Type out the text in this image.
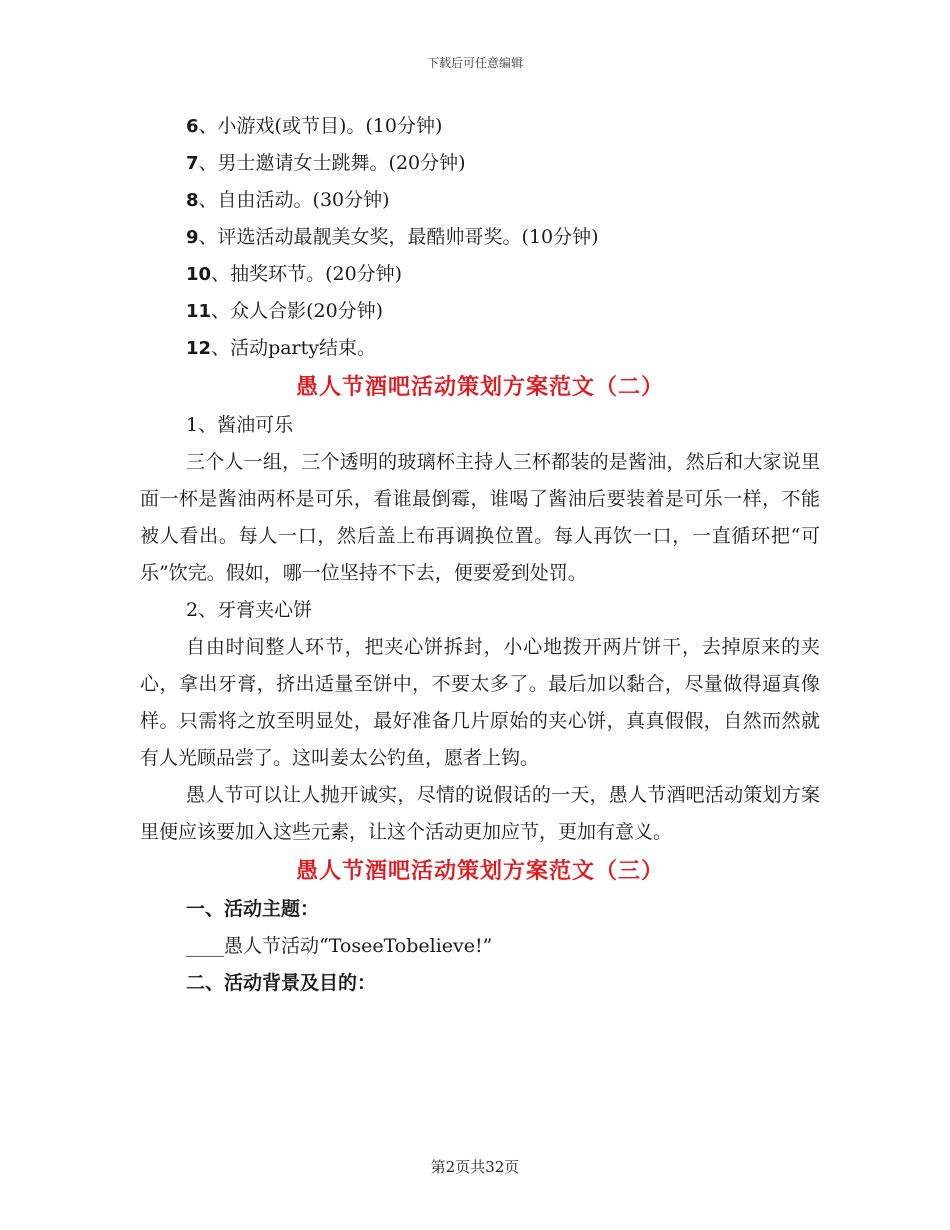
下载后可任意编辑
6、小游戏(或节目)。(10分钟)
7、男士邀请女士跳舞。(20分钟)
8、自由活动。(30分钟)
9、评选活动最靓美女奖，最酷帅哥奖。(10分钟)
10、抽奖环节。(20分钟)
11、众人合影(20分钟)
12、活动party结束。
愚人节酒吧活动策划方案范文（二）
1、酱油可乐

三个人一组，三个透明的玻璃杯主持人三杯都装的是酱油，然后和大家说里面一杯是酱油两杯是可乐，看谁最倒霉，谁喝了酱油后要装着是可乐一样，不能被人看出。每人一口，然后盖上布再调换位置。每人再饮一口，一直循环把“可乐”饮完。假如，哪一位坚持不下去，便要爱到处罚。

2、牙膏夹心饼

自由时间整人环节，把夹心饼拆封，小心地拨开两片饼干，去掉原来的夹心，拿出牙膏，挤出适量至饼中，不要太多了。最后加以黏合，尽量做得逼真像样。只需将之放至明显处，最好准备几片原始的夹心饼，真真假假，自然而然就有人光顾品尝了。这叫姜太公钓鱼，愿者上钩。

愚人节可以让人抛开诚实，尽情的说假话的一天，愚人节酒吧活动策划方案里便应该要加入这些元素，让这个活动更加应节，更加有意义。

愚人节酒吧活动策划方案范文（三）
一、活动主题：
____愚人节活动“ToseeTobelieve!”
二、活动背景及目的：
第2页共32页
